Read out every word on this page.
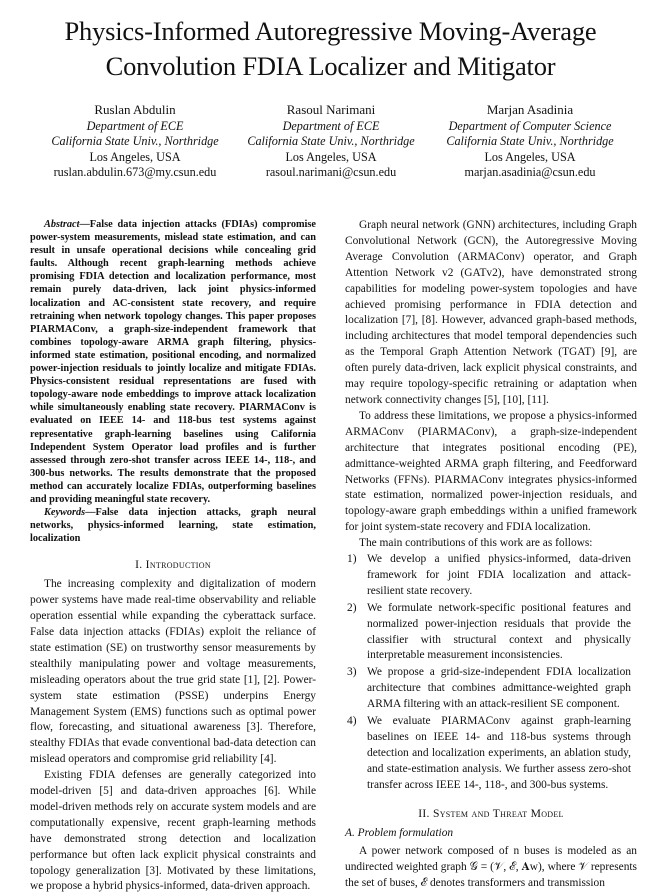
Physics-Informed Autoregressive Moving-Average
Convolution FDIA Localizer and Mitigator
Ruslan Abdulin
Department of ECE
California State Univ., Northridge
Los Angeles, USA
ruslan.abdulin.673@my.csun.edu
Rasoul Narimani
Department of ECE
California State Univ., Northridge
Los Angeles, USA
rasoul.narimani@csun.edu
Marjan Asadinia
Department of Computer Science
California State Univ., Northridge
Los Angeles, USA
marjan.asadinia@csun.edu

Abstract—False data injection attacks (FDIAs) compromise power-system measurements, mislead state estimation, and can result in unsafe operational decisions while concealing grid faults. Although recent graph-learning methods achieve promising FDIA detection and localization performance, most remain purely data-driven, lack joint physics-informed localization and AC-consistent state recovery, and require retraining when network topology changes. This paper proposes PIARMAConv, a graph-size-independent framework that combines topology-aware ARMA graph filtering, physics-informed state estimation, positional encoding, and normalized power-injection residuals to jointly localize and mitigate FDIAs. Physics-consistent residual representations are fused with topology-aware node embeddings to improve attack localization while simultaneously enabling state recovery. PIARMAConv is evaluated on IEEE 14- and 118-bus test systems against representative graph-learning baselines using California Independent System Operator load profiles and is further assessed through zero-shot transfer across IEEE 14-, 118-, and 300-bus networks. The results demonstrate that the proposed method can accurately localize FDIAs, outperforming baselines and providing meaningful state recovery.

Keywords—False data injection attacks, graph neural networks, physics-informed learning, state estimation, localization

I. Introduction

The increasing complexity and digitalization of modern power systems have made real-time observability and reliable operation essential while expanding the cyberattack surface. False data injection attacks (FDIAs) exploit the reliance of state estimation (SE) on trustworthy sensor measurements by stealthily manipulating power and voltage measurements, misleading operators about the true grid state [1], [2]. Power-system state estimation (PSSE) underpins Energy Management System (EMS) functions such as optimal power flow, forecasting, and situational awareness [3]. Therefore, stealthy FDIAs that evade conventional bad-data detection can mislead operators and compromise grid reliability [4].

Existing FDIA defenses are generally categorized into model-driven [5] and data-driven approaches [6]. While model-driven methods rely on accurate system models and are computationally expensive, recent graph-learning methods have demonstrated strong detection and localization performance but often lack explicit physical constraints and topology generalization [3]. Motivated by these limitations, we propose a hybrid physics-informed, data-driven approach.

Graph neural network (GNN) architectures, including Graph Convolutional Network (GCN), the Autoregressive Moving Average Convolution (ARMAConv) operator, and Graph Attention Network v2 (GATv2), have demonstrated strong capabilities for modeling power-system topologies and have achieved promising performance in FDIA detection and localization [7], [8]. However, advanced graph-based methods, including architectures that model temporal dependencies such as the Temporal Graph Attention Network (TGAT) [9], are often purely data-driven, lack explicit physical constraints, and may require topology-specific retraining or adaptation when network connectivity changes [5], [10], [11].

To address these limitations, we propose a physics-informed ARMAConv (PIARMAConv), a graph-size-independent architecture that integrates positional encoding (PE), admittance-weighted ARMA graph filtering, and Feedforward Networks (FFNs). PIARMAConv integrates physics-informed state estimation, normalized power-injection residuals, and topology-aware graph embeddings within a unified framework for joint system-state recovery and FDIA localization.

The main contributions of this work are as follows:

1) We develop a unified physics-informed, data-driven framework for joint FDIA localization and attack-resilient state recovery.
2) We formulate network-specific positional features and normalized power-injection residuals that provide the classifier with structural context and physically interpretable measurement inconsistencies.
3) We propose a grid-size-independent FDIA localization architecture that combines admittance-weighted graph ARMA filtering with an attack-resilient SE component.
4) We evaluate PIARMAConv against graph-learning baselines on IEEE 14- and 118-bus systems through detection and localization experiments, an ablation study, and state-estimation analysis. We further assess zero-shot transfer across IEEE 14-, 118-, and 300-bus systems.
II. System and Threat Model
A. Problem formulation

A power network composed of n buses is modeled as an undirected weighted graph 𝒢 = (𝒱, ℰ, 𝐀w), where 𝒱 represents the set of buses, ℰ denotes transformers and transmission
